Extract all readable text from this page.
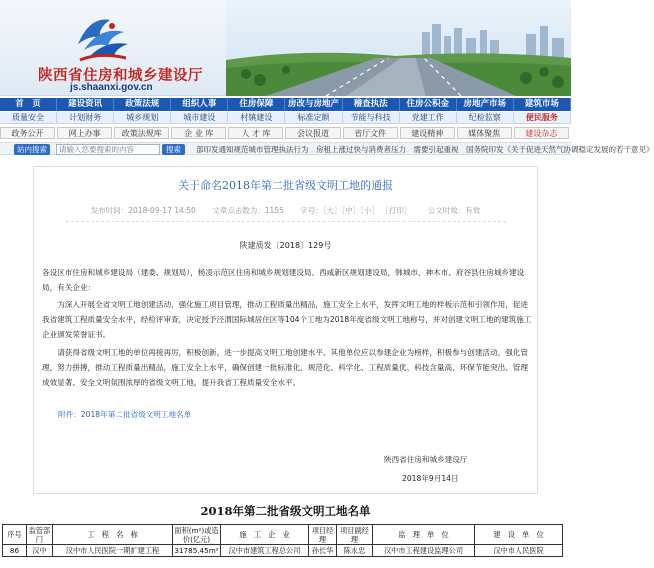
陕西省住房和城乡建设厅
js.shaanxi.gov.cn
首　页	建设资讯	政策法规	组织人事	住房保障	房改与房地产	稽查执法	住房公积金	房地产市场	建筑市场
质量安全	计划财务	城乡规划	城市建设	村镇建设	标准定额	节能与科技	党建工作	纪检监察	便民服务
政务公开	网上办事	政策法规库	企 业 库	人 才 库	会议报道	省厅文件	建设精神	媒体聚焦	建设杂志
站内搜索
请输入您要搜索的内容	搜索	部印发通知规范城市管理执法行为　房租上涨过快与消费者压力　需要引起重视　国务院印发《关于促进天然气协调稳定发展的若干意见》
关于命名2018年第二批省级文明工地的通报
发布时间：2018-09-17 14:50 文章点击数为：1155 字号：［大］［中］［小］ ［打印］ 公文时效：有效
陕建质发〔2018〕129号
各设区市住房和城乡建设局（建委、规划局），杨凌示范区住房和城乡规划建设局、西咸新区规划建设局，韩城市、神木市、府谷县住房城乡建设局，有关企业：
为深入开展全省文明工地创建活动，强化施工项目管理，推动工程质量出精品，施工安全上水平，发挥文明工地的样板示范和引领作用，促进我省建筑工程质量安全水平，经检评审查，决定授予泾渭国际城居住区等104个工地为2018年度省级文明工地称号，并对创建文明工地的建筑施工企业颁发荣誉证书。
请获得省级文明工地的单位再接再厉，积极创新，进一步提高文明工地创建水平。其他单位应以参建企业为榜样，积极参与创建活动，强化管理，努力拼搏，推动工程质量出精品，施工安全上水平，确保创建一批标准化、规范化、科学化、工程质量优、科技含量高、环保节能突出、管理成效显著、安全文明氛围浓厚的省级文明工地，提升我省工程质量安全水平。
附件：2018年第二批省级文明工地名单
陕西省住房和城乡建设厅
2018年9月14日
2018年第二批省级文明工地名单
序号	监管部门	工　程　名　称	面积(m²)或造价(亿元)	施　工　企　业	项目经理	项目副经理	监　理　单　位	建　设　单　位
86	汉中	汉中市人民医院一期扩建工程	31785.45m²	汉中市建筑工程总公司	孙长华	陈永忠	汉中市工程建设监理公司	汉中市人民医院
